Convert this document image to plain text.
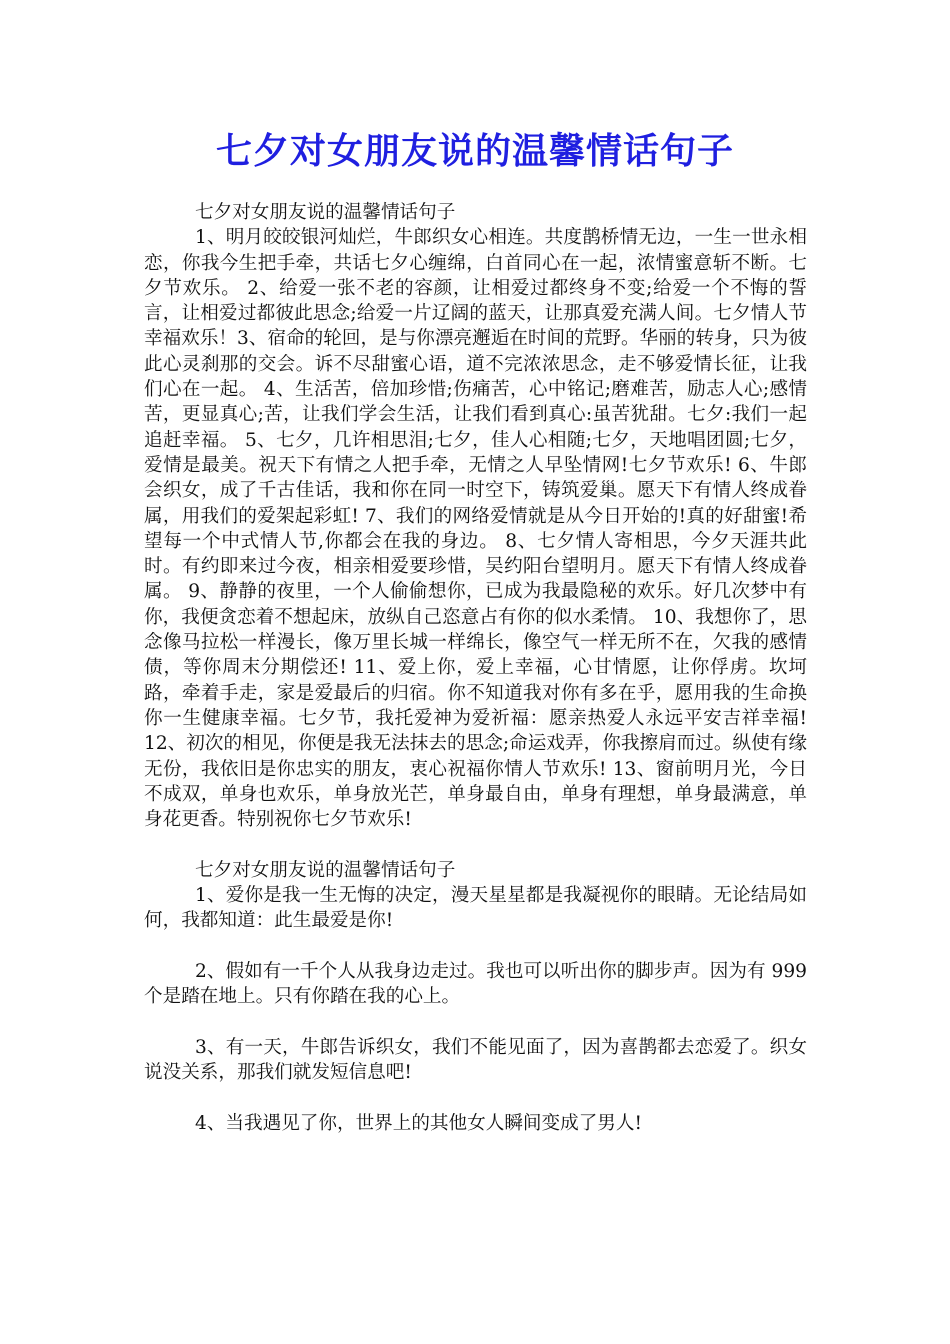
七夕对女朋友说的温馨情话句子

七夕对女朋友说的温馨情话句子

1、明月皎皎银河灿烂，牛郎织女心相连。共度鹊桥情无边，一生一世永相恋，你我今生把手牵，共话七夕心缠绵，白首同心在一起，浓情蜜意斩不断。七夕节欢乐。 2、给爱一张不老的容颜，让相爱过都终身不变;给爱一个不悔的誓言，让相爱过都彼此思念;给爱一片辽阔的蓝天，让那真爱充满人间。七夕情人节幸福欢乐！3、宿命的轮回，是与你漂亮邂逅在时间的荒野。华丽的转身，只为彼此心灵刹那的交会。诉不尽甜蜜心语，道不完浓浓思念，走不够爱情长征，让我们心在一起。 4、生活苦，倍加珍惜;伤痛苦，心中铭记;磨难苦，励志人心;感情苦，更显真心;苦，让我们学会生活，让我们看到真心:虽苦犹甜。七夕:我们一起追赶幸福。 5、七夕，几许相思泪;七夕，佳人心相随;七夕，天地唱团圆;七夕，爱情是最美。祝天下有情之人把手牵，无情之人早坠情网!七夕节欢乐! 6、牛郎会织女，成了千古佳话，我和你在同一时空下，铸筑爱巢。愿天下有情人终成眷属，用我们的爱架起彩虹! 7、我们的网络爱情就是从今日开始的!真的好甜蜜!希望每一个中式情人节,你都会在我的身边。 8、七夕情人寄相思，今夕天涯共此时。有约即来过今夜，相亲相爱要珍惜，吴约阳台望明月。愿天下有情人终成眷属。 9、静静的夜里，一个人偷偷想你，已成为我最隐秘的欢乐。好几次梦中有你，我便贪恋着不想起床，放纵自己恣意占有你的似水柔情。 10、我想你了，思念像马拉松一样漫长，像万里长城一样绵长，像空气一样无所不在，欠我的感情债，等你周末分期偿还! 11、爱上你，爱上幸福，心甘情愿，让你俘虏。坎坷路，牵着手走，家是爱最后的归宿。你不知道我对你有多在乎，愿用我的生命换你一生健康幸福。七夕节，我托爱神为爱祈福：愿亲热爱人永远平安吉祥幸福! 12、初次的相见，你便是我无法抹去的思念;命运戏弄，你我擦肩而过。纵使有缘无份，我依旧是你忠实的朋友，衷心祝福你情人节欢乐! 13、窗前明月光，今日不成双，单身也欢乐，单身放光芒，单身最自由，单身有理想，单身最满意，单身花更香。特别祝你七夕节欢乐!

七夕对女朋友说的温馨情话句子

1、爱你是我一生无悔的决定，漫天星星都是我凝视你的眼睛。无论结局如何，我都知道：此生最爱是你!

2、假如有一千个人从我身边走过。我也可以听出你的脚步声。因为有 999 个是踏在地上。只有你踏在我的心上。

3、有一天，牛郎告诉织女，我们不能见面了，因为喜鹊都去恋爱了。织女说没关系，那我们就发短信息吧!

4、当我遇见了你，世界上的其他女人瞬间变成了男人!
